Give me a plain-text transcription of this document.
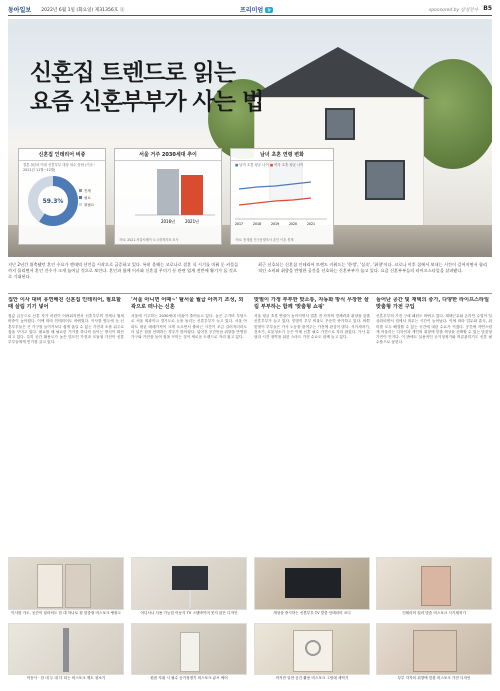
동아일보 2022년 6월 1일 (화요일) 제31356호 Ⓐ	프리미엄	뉴	sponsored by 삼성전자 B5
신혼집 트렌드로 읽는
요즘 신혼부부가 사는 법
신혼집 인테리어 비중
결혼 3년차 이내 신혼부부 대상 복수 응답 (기준 : 2021년 11월~12월)
59.3%
전체
필요
불필요
서울 거주 2030세대 추이
2016년 2021년
자료: 2021 서울서베이 도시정책지표 조사
남녀 초혼 연령 변화
■ 남자 초혼 평균 나이 ■ 여자 초혼 평균 나이
2017	2018	2019	2020	2021
자료: 통계청 인구동향조사 혼인 이혼 통계
지난 2년간 위축됐던 혼인 수요가 엔데믹 선언을 시작으로 급증하고 있다. 특히 올해는 코로나로 결혼 식 시기를 미뤄 둔 커플들까지 몰리면서 혼인 건수가 크게 늘어날 것으로 보인다. 혼인과 함께 이사와 신혼집 꾸미기 등 관련 업계 전반에 활기가 돌 것으로 기대된다.
최근 선호되는 신혼집 인테리어 트렌드 키워드는 '한정', '실속', '취향'이다. 코로나 이후 집에서 보내는 시간이 길어지면서 합리적인 소비와 취향을 반영한 공간을 선호하는 신혼부부가 늘고 있다. 요즘 신혼부부들의 라이프스타일을 살펴봤다.
집안 이사 대비 유연해진 신혼집 인테리어, 필요할 때 살림 기기 넣어
집값 급등으로 신혼 자가 마련이 어려워지면서 신혼부부의 전세나 월세 비중이 높아졌다. 이에 따라 인테리어도 바뀌었다. 이사를 염두에 둔 신혼부부들은 큰 가구를 들이기보다 쉽게 옮길 수 있는 가전과 소품 위주로 집을 꾸미고 있다. 필요할 때 필요한 기기를 하나씩 들이는 방식이 확산되고 있다. 특히 공간 활용도가 높은 빌트인 가전과 모듈형 가전이 신혼부부들에게 인기를 끌고 있다.
'서울 아니면 어때~' 탈서울 월급 아끼기 조성, 외곽으로 떠나는 신혼
서울에 거주하는 2030세대 비율이 줄어들고 있다. 높은 주거비 부담으로 서울 외곽이나 경기도로 눈을 돌리는 신혼부부가 늘고 있다. 서울 아파트 평균 매매가격이 크게 오르면서 출퇴근 시간이 조금 길어지더라도 더 넓은 집을 선택하는 경우가 많아졌다. 넓어진 공간만큼 취향을 반영한 가구와 가전을 들여 집을 꾸미는 것이 새로운 트렌드로 자리 잡고 있다.
맞벌이 가정 부부한 맞소통, 자동화 방식 무장한 살림 부부하는 함께 '맞춤형 쇼핑'
서울 평균 초혼 연령이 높아지면서 결혼 전 각자의 경제력과 취향을 갖춘 신혼부부가 늘고 있다. 맞벌이 부부 비율도 꾸준히 증가하고 있다. 바쁜 맞벌이 부부들은 가사 노동을 줄여주는 가전에 관심이 많다. 식기세척기, 건조기, 로봇청소기 등은 이제 신혼 필수 가전으로 자리 잡았다. 가사 분담과 시간 절약을 위한 스마트 가전 수요도 함께 늘고 있다.
늘어난 공간 및 재택의 증가, 다양한 라이프스타일 맞춤형 가전 구입
신혼부부의 가전 구매 패턴도 바뀌고 있다. 재택근무와 온라인 수업이 일상화되면서 집에서 머무는 시간이 늘어났다. 이에 따라 업무와 휴식, 취미를 모두 해결할 수 있는 공간에 대한 수요가 커졌다. 공간에 자연스럽게 어울리는 디자인과 개인의 취향에 맞춘 색상을 선택할 수 있는 맞춤형 가전이 인기다. 이 밖에도 실용적인 공기청정기와 의류관리기도 신혼 필수품으로 꼽힌다.
이사를 가도, 공간이 달라져도 한 대 하나로 집 맞춤형 비스포크 냉장고	어디서나 사용 가능한 이동식 TV 스탠바이미 못지 않은 디자인	개성을 중시하는 신혼부부 TV 맞춤 인테리어 코디	인테리어 컬러 맞춤 비스포크 식기세척기
이동식 · 한 대 두 대 다 되는 비스포크 제트 청소기	원룸 자취 시 필수 공기청정기 비스포크 큐브 에어	작지만 알찬 공간 활용 비스포크 그랑데 세탁기	부부 각자의 취향에 맞춘 비스포크 가전 디자인
